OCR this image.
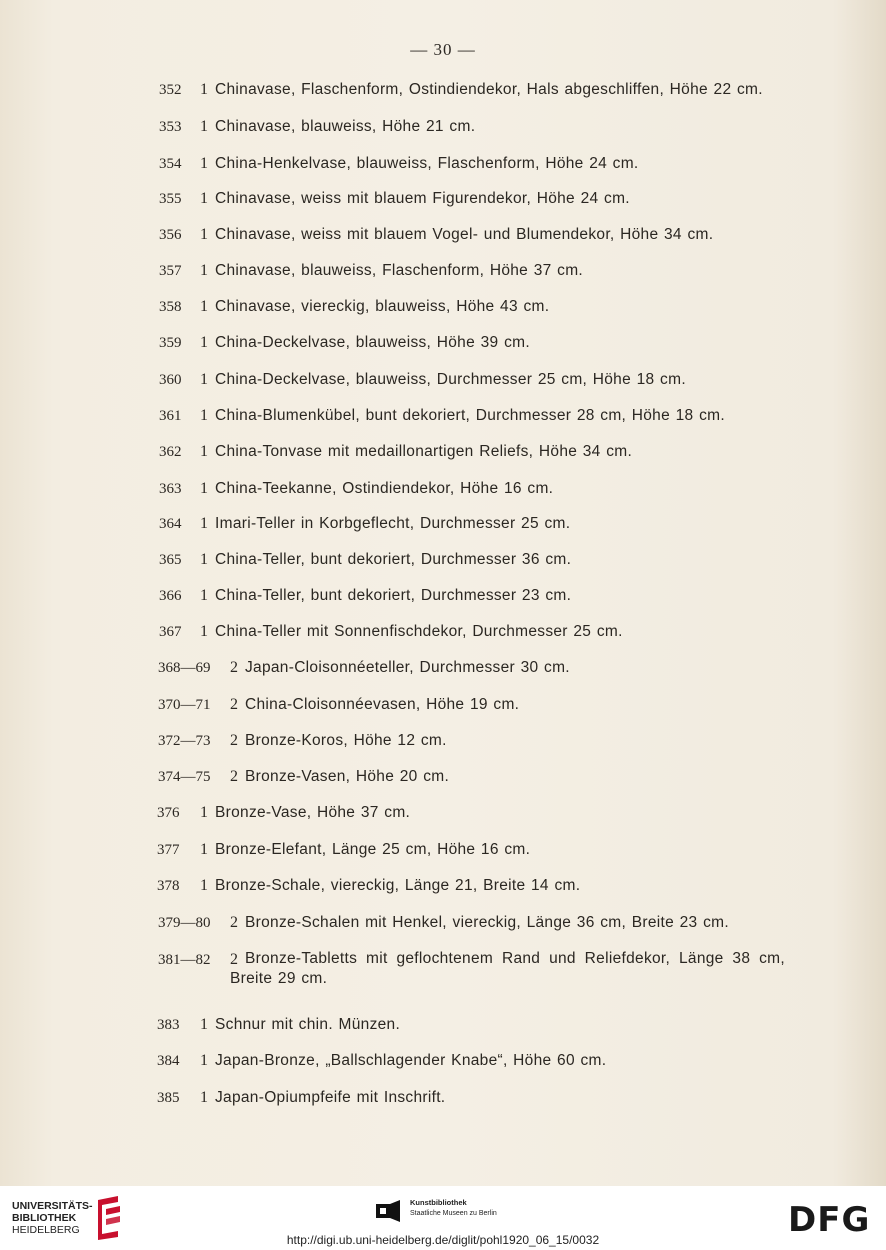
— 30 —
352 1 Chinavase, Flaschenform, Ostindiendekor, Hals abgeschliffen, Höhe 22 cm.
353 1 Chinavase, blauweiss, Höhe 21 cm.
354 1 China-Henkelvase, blauweiss, Flaschenform, Höhe 24 cm.
355 1 Chinavase, weiss mit blauem Figurendekor, Höhe 24 cm.
356 1 Chinavase, weiss mit blauem Vogel- und Blumendekor, Höhe 34 cm.
357 1 Chinavase, blauweiss, Flaschenform, Höhe 37 cm.
358 1 Chinavase, viereckig, blauweiss, Höhe 43 cm.
359 1 China-Deckelvase, blauweiss, Höhe 39 cm.
360 1 China-Deckelvase, blauweiss, Durchmesser 25 cm, Höhe 18 cm.
361 1 China-Blumenkübel, bunt dekoriert, Durchmesser 28 cm, Höhe 18 cm.
362 1 China-Tonvase mit medaillonartigen Reliefs, Höhe 34 cm.
363 1 China-Teekanne, Ostindiendekor, Höhe 16 cm.
364 1 Imari-Teller in Korbgeflecht, Durchmesser 25 cm.
365 1 China-Teller, bunt dekoriert, Durchmesser 36 cm.
366 1 China-Teller, bunt dekoriert, Durchmesser 23 cm.
367 1 China-Teller mit Sonnenfischdekor, Durchmesser 25 cm.
368—69 2 Japan-Cloisonnéeteller, Durchmesser 30 cm.
370—71 2 China-Cloisonnéevasen, Höhe 19 cm.
372—73 2 Bronze-Koros, Höhe 12 cm.
374—75 2 Bronze-Vasen, Höhe 20 cm.
376 1 Bronze-Vase, Höhe 37 cm.
377 1 Bronze-Elefant, Länge 25 cm, Höhe 16 cm.
378 1 Bronze-Schale, viereckig, Länge 21, Breite 14 cm.
379—80 2 Bronze-Schalen mit Henkel, viereckig, Länge 36 cm, Breite 23 cm.
381—82 2 Bronze-Tabletts mit geflochtenem Rand und Reliefdekor, Länge 38 cm, Breite 29 cm.
383 1 Schnur mit chin. Münzen.
384 1 Japan-Bronze, „Ballschlagender Knabe“, Höhe 60 cm.
385 1 Japan-Opiumpfeife mit Inschrift.
UNIVERSITÄTS-
BIBLIOTHEK
HEIDELBERG
Kunstbibliothek
Staatliche Museen zu Berlin	DFG
http://digi.ub.uni-heidelberg.de/diglit/pohl1920_06_15/0032
